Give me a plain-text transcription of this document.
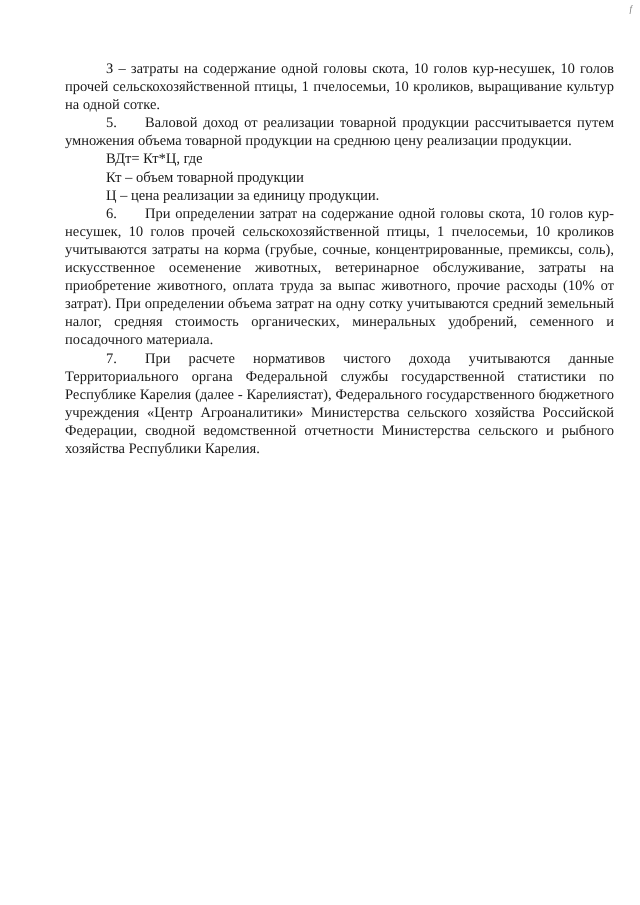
f

З – затраты на содержание одной головы скота, 10 голов кур-несушек, 10 голов прочей сельскохозяйственной птицы, 1 пчелосемьи, 10 кроликов, выращивание культур на одной сотке.

5. Валовой доход от реализации товарной продукции рассчитывается путем умножения объема товарной продукции на среднюю цену реализации продукции.

ВДт= Кт*Ц, где

Кт – объем товарной продукции

Ц – цена реализации за единицу продукции.

6. При определении затрат на содержание одной головы скота, 10 голов кур-несушек, 10 голов прочей сельскохозяйственной птицы, 1 пчелосемьи, 10 кроликов учитываются затраты на корма (грубые, сочные, концентрированные, премиксы, соль), искусственное осеменение животных, ветеринарное обслуживание, затраты на приобретение животного, оплата труда за выпас животного, прочие расходы (10% от затрат). При определении объема затрат на одну сотку учитываются средний земельный налог, средняя стоимость органических, минеральных удобрений, семенного и посадочного материала.

7. При расчете нормативов чистого дохода учитываются данные Территориального органа Федеральной службы государственной статистики по Республике Карелия (далее - Карелиястат), Федерального государственного бюджетного учреждения «Центр Агроаналитики» Министерства сельского хозяйства Российской Федерации, сводной ведомственной отчетности Министерства сельского и рыбного хозяйства Республики Карелия.
